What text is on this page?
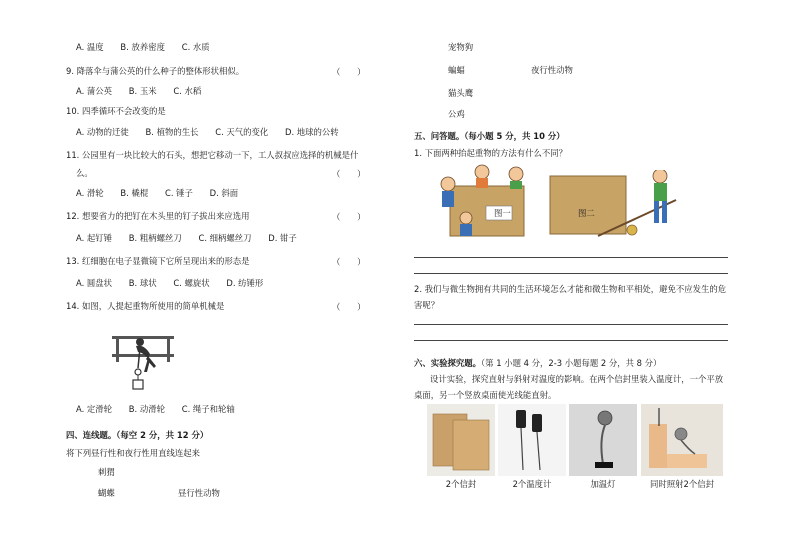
A. 温度　　B. 放养密度　　C. 水质
9. 降落伞与蒲公英的什么种子的整体形状相似。	（　　）
A. 蒲公英　　B. 玉米　　C. 水稻
10. 四季循环不会改变的是
A. 动物的迁徙　　B. 植物的生长　　C. 天气的变化　　D. 地球的公转
11. 公园里有一块比较大的石头，想把它移动一下，工人叔叔应选择的机械是什
么。	（　　）
A. 滑轮　　B. 橇棍　　C. 锤子　　D. 斜面
12. 想要省力的把钉在木头里的钉子拔出来应选用	（　　）
A. 起钉锤　　B. 粗柄螺丝刀　　C. 细柄螺丝刀　　D. 钳子
13. 红细胞在电子显微镜下它所呈现出来的形态是	（　　）
A. 圆盘状　　B. 球状　　C. 螺旋状　　D. 纺锤形
14. 如图，人提起重物所使用的简单机械是	（　　）
A. 定滑轮　　B. 动滑轮　　C. 绳子和轮轴
四、连线题。（每空 2 分，共 12 分）
将下列昼行性和夜行性用直线连起来
刺猬
蝴蝶	昼行性动物
宠物狗
蝙蝠	夜行性动物
猫头鹰
公鸡
五、问答题。（每小题 5 分，共 10 分）
1. 下面两种抬起重物的方法有什么不同？
图一	图二
2. 我们与微生物拥有共同的生活环境怎么才能和微生物和平相处，避免不应发生的危
害呢？
六、实验探究题。（第 1 小题 4 分，2-3 小题每题 2 分，共 8 分）
设计实验，探究直射与斜射对温度的影响。在两个信封里装入温度计，一个平放
桌面，另一个竖放桌面使光线能直射。
2个信封	2个温度计	加温灯	同时照射2个信封
